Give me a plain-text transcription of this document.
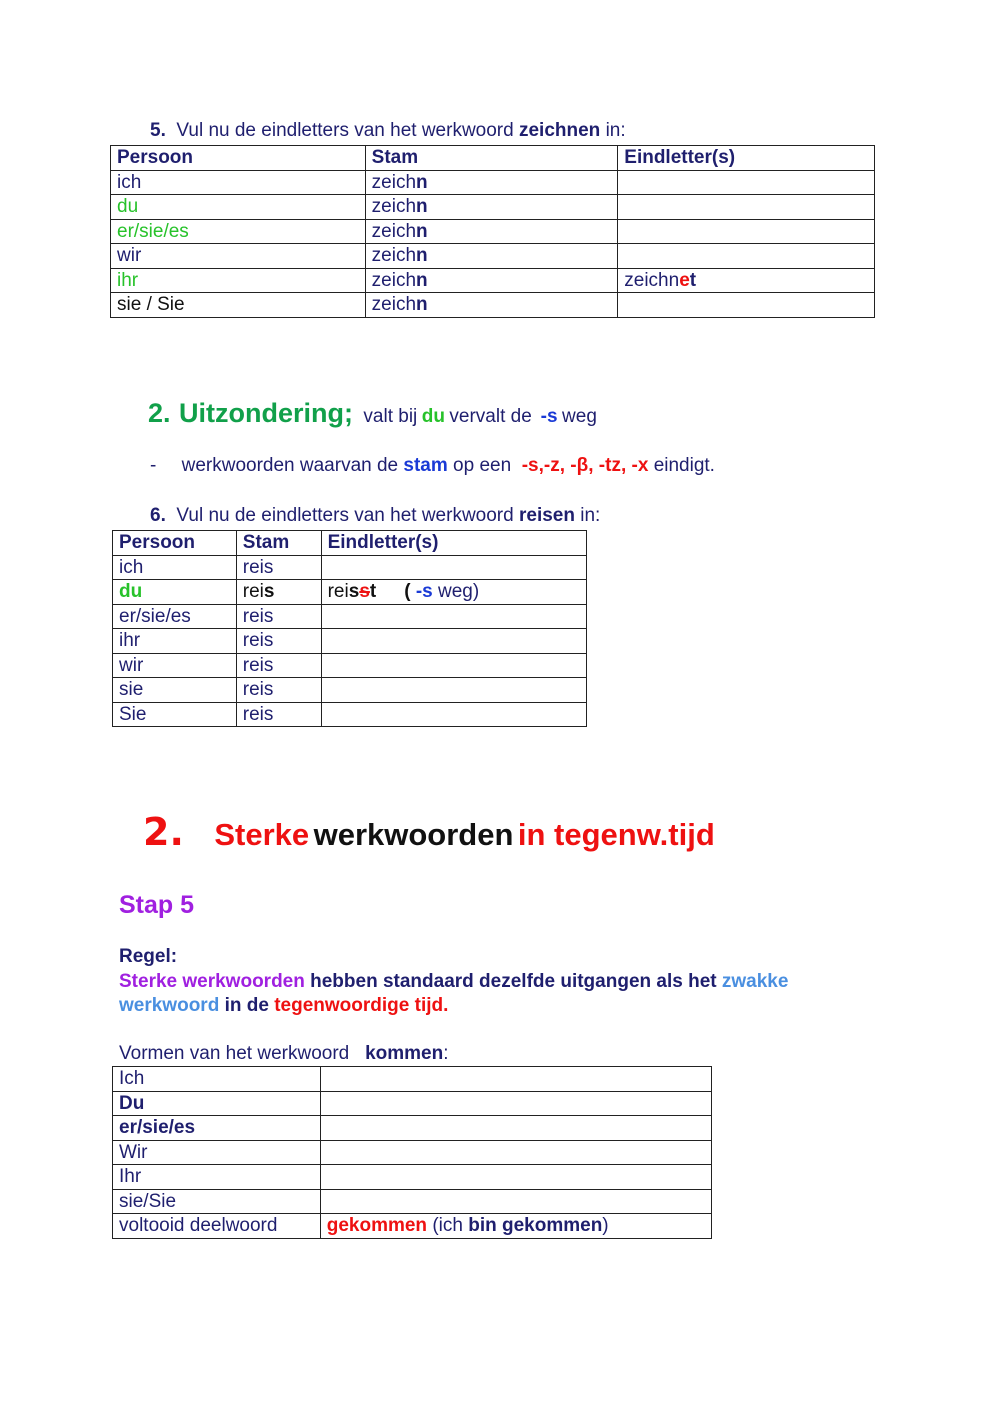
5. Vul nu de eindletters van het werkwoord zeichnen in:
Persoon	Stam	Eindletter(s)
ich	zeichn	
du	zeichn	
er/sie/es	zeichn	
wir	zeichn	
ihr	zeichn	zeichnet
sie / Sie	zeichn	
2. Uitzondering; valt bij du vervalt de -s weg
- werkwoorden waarvan de stam op een -s,-z, -β, -tz, -x eindigt.
6. Vul nu de eindletters van het werkwoord reisen in:
Persoon	Stam	Eindletter(s)
ich	reis	
du	reis	reisst ( -s weg)
er/sie/es	reis	
ihr	reis	
wir	reis	
sie	reis	
Sie	reis	
2. Sterke werkwoorden in tegenw.tijd
Stap 5
Regel:
Sterke werkwoorden hebben standaard dezelfde uitgangen als het zwakke
werkwoord in de tegenwoordige tijd.
Vormen van het werkwoord kommen:
Ich	
Du	
er/sie/es	
Wir	
Ihr	
sie/Sie	
voltooid deelwoord	gekommen (ich bin gekommen)
